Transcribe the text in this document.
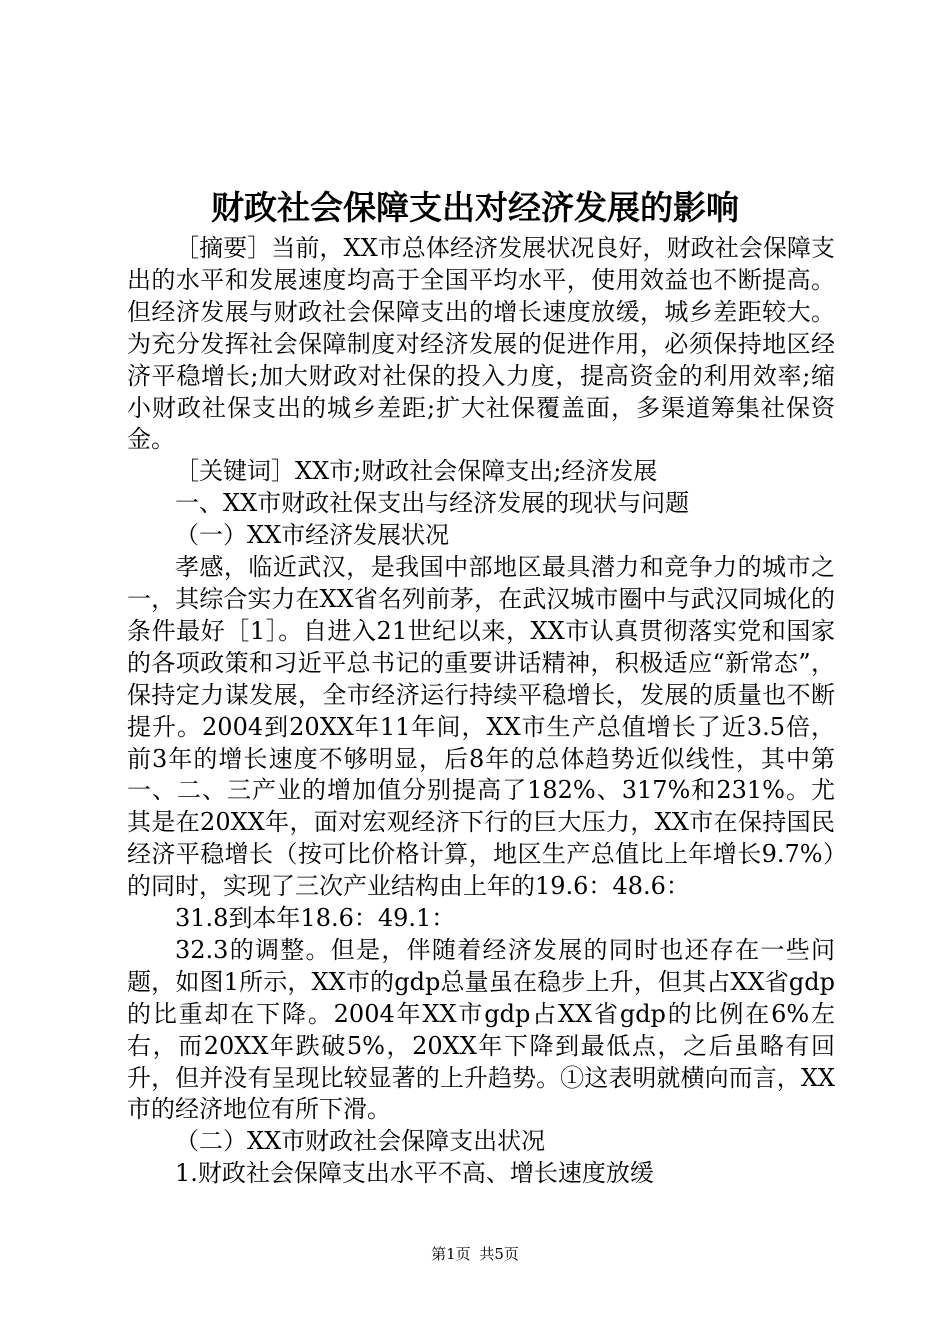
财政社会保障支出对经济发展的影响

［摘要］当前，XX市总体经济发展状况良好，财政社会保障支出的水平和发展速度均高于全国平均水平，使用效益也不断提高。但经济发展与财政社会保障支出的增长速度放缓，城乡差距较大。为充分发挥社会保障制度对经济发展的促进作用，必须保持地区经济平稳增长;加大财政对社保的投入力度，提高资金的利用效率;缩小财政社保支出的城乡差距;扩大社保覆盖面，多渠道筹集社保资金。

［关键词］XX市;财政社会保障支出;经济发展

一、XX市财政社保支出与经济发展的现状与问题

（一）XX市经济发展状况

孝感，临近武汉，是我国中部地区最具潜力和竞争力的城市之一，其综合实力在XX省名列前茅，在武汉城市圈中与武汉同城化的条件最好［1］。自进入21世纪以来，XX市认真贯彻落实党和国家的各项政策和习近平总书记的重要讲话精神，积极适应“新常态”，保持定力谋发展，全市经济运行持续平稳增长，发展的质量也不断提升。2004到20XX年11年间，XX市生产总值增长了近3.5倍，前3年的增长速度不够明显，后8年的总体趋势近似线性，其中第一、二、三产业的增加值分别提高了182%、317%和231%。尤其是在20XX年，面对宏观经济下行的巨大压力，XX市在保持国民经济平稳增长（按可比价格计算，地区生产总值比上年增长9.7%）的同时，实现了三次产业结构由上年的19.6：48.6：

31.8到本年18.6：49.1：

32.3的调整。但是，伴随着经济发展的同时也还存在一些问题，如图1所示，XX市的gdp总量虽在稳步上升，但其占XX省gdp的比重却在下降。2004年XX市gdp占XX省gdp的比例在6%左右，而20XX年跌破5%，20XX年下降到最低点，之后虽略有回升，但并没有呈现比较显著的上升趋势。①这表明就横向而言，XX市的经济地位有所下滑。

（二）XX市财政社会保障支出状况

1.财政社会保障支出水平不高、增长速度放缓

第1页 共5页
